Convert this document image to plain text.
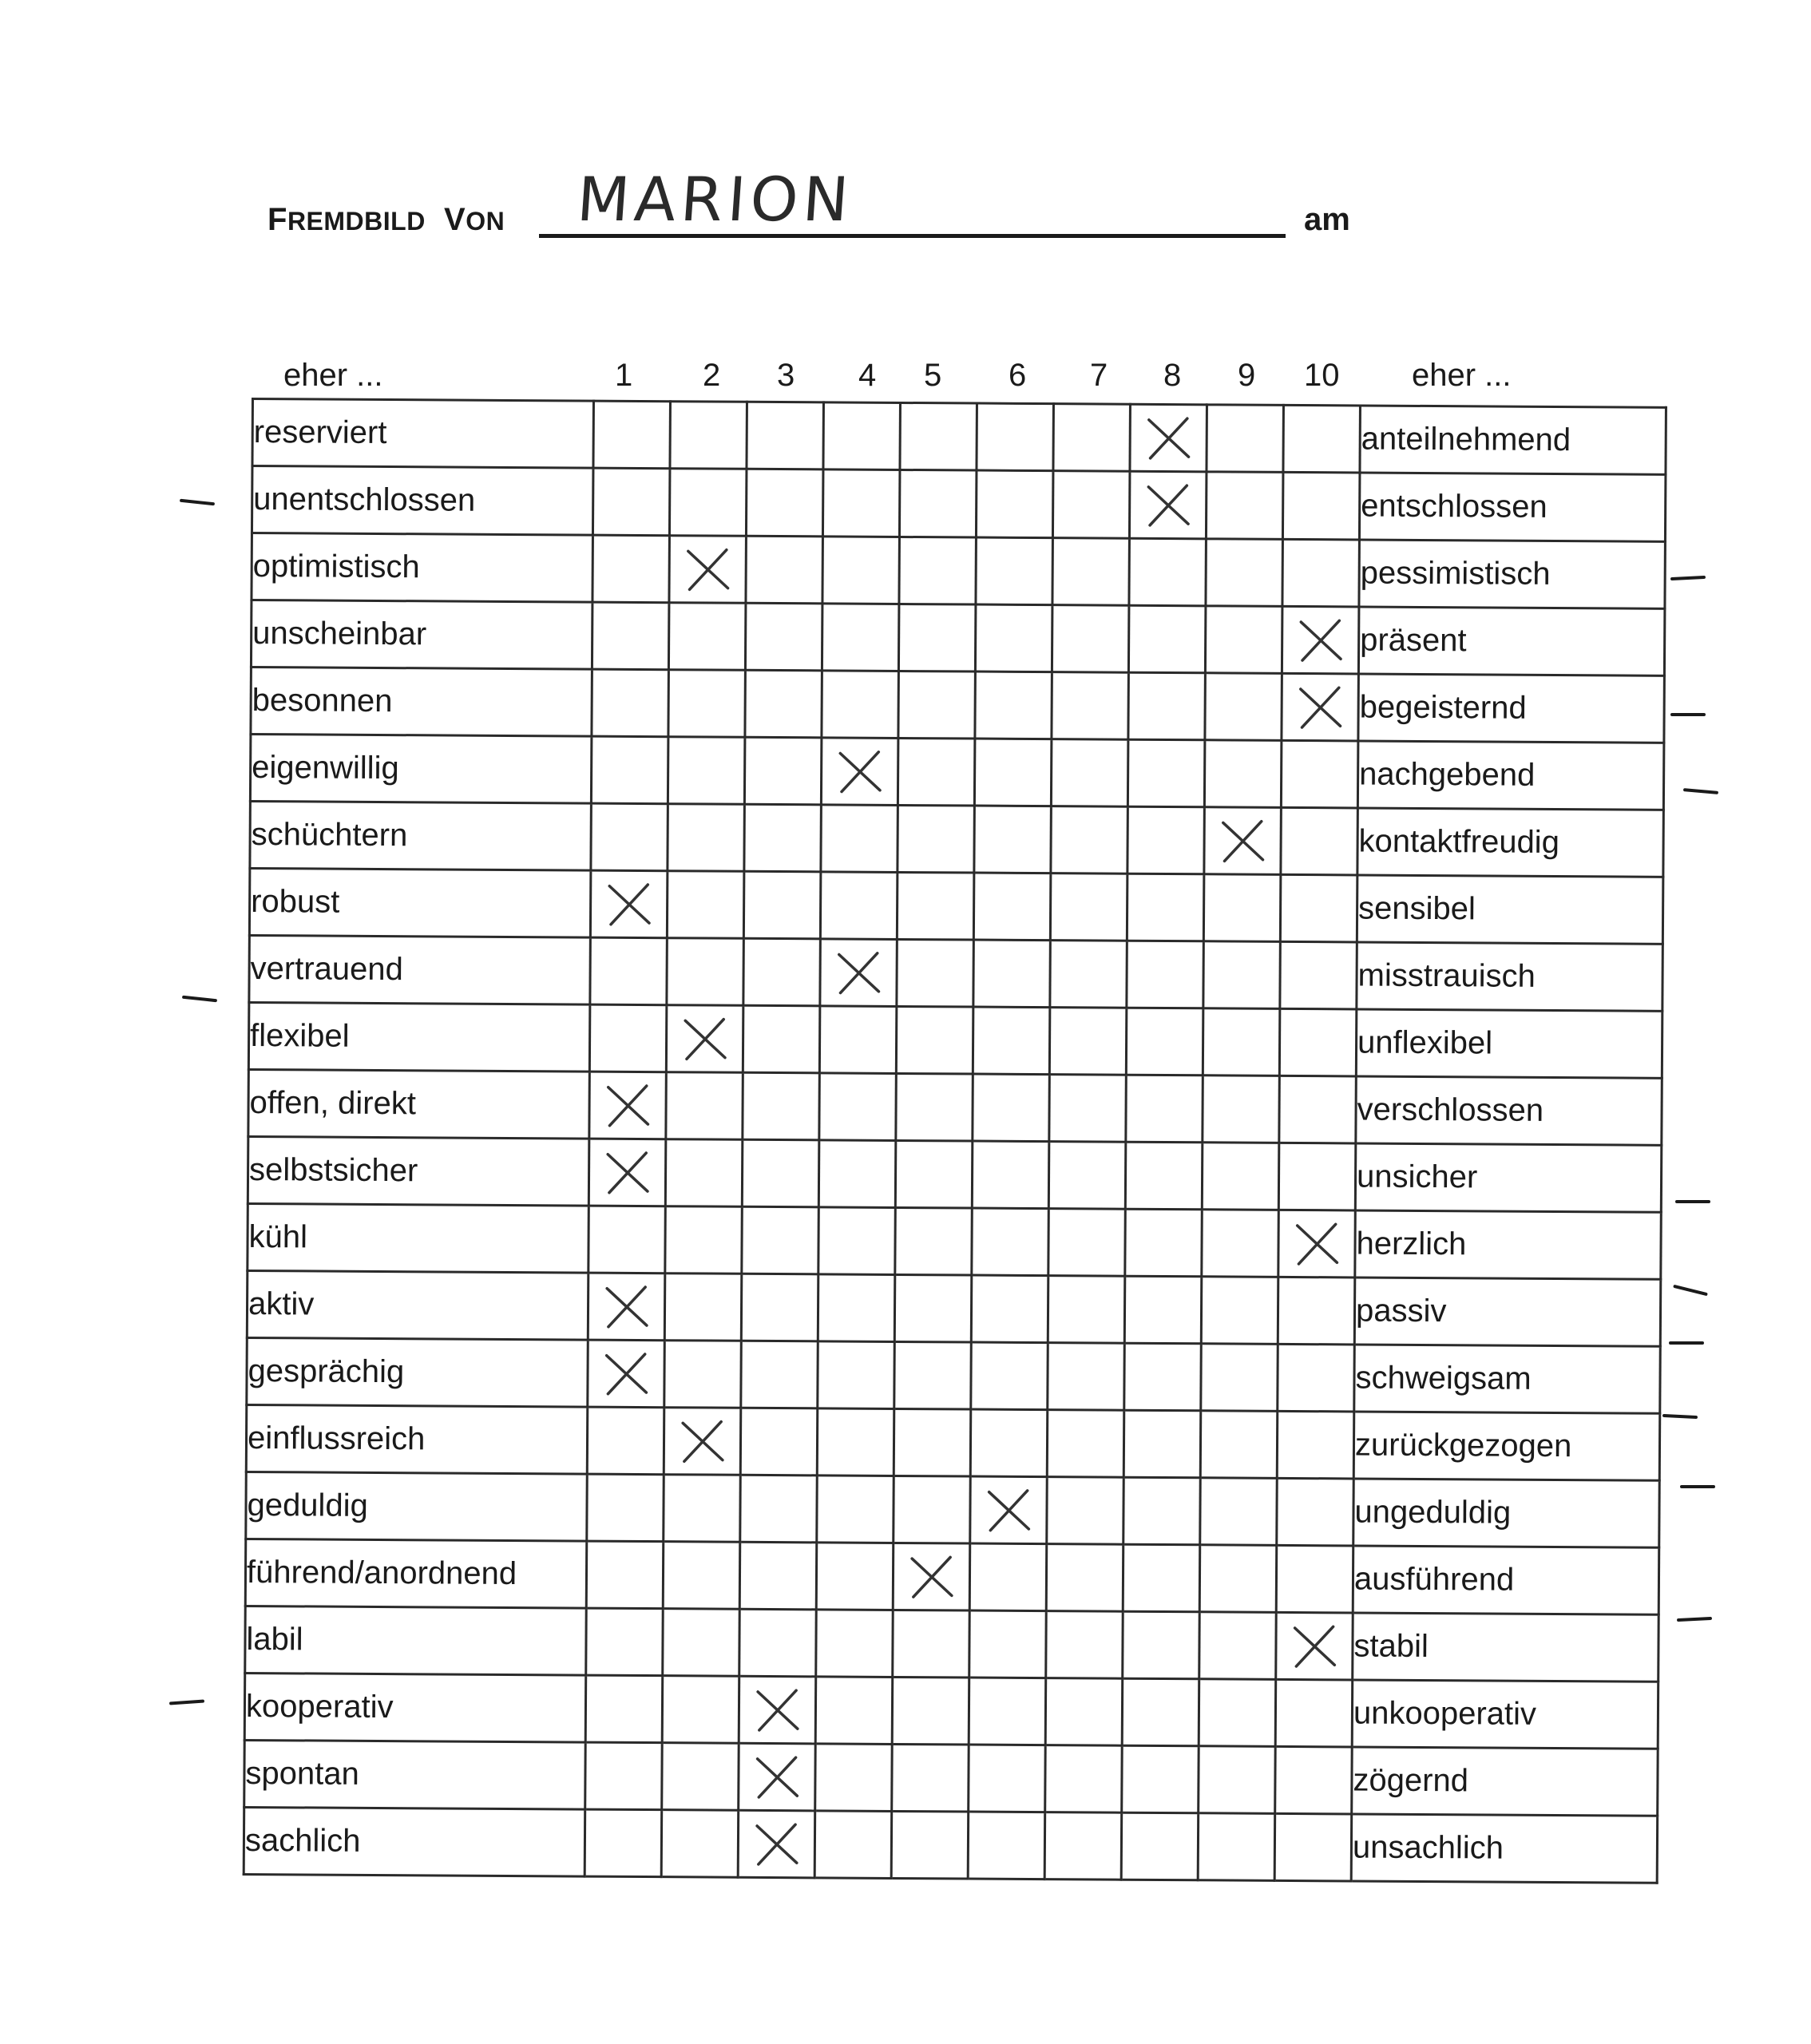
FREMDBILD VON MARION	am
eher ...	1 2 3 4 5 6 7 8 9 10 eher ...
reserviert											anteilnehmend
unentschlossen											entschlossen
optimistisch											pessimistisch
unscheinbar											präsent
besonnen											begeisternd
eigenwillig											nachgebend
schüchtern											kontaktfreudig
robust											sensibel
vertrauend											misstrauisch
flexibel											unflexibel
offen, direkt											verschlossen
selbstsicher											unsicher
kühl											herzlich
aktiv											passiv
gesprächig											schweigsam
einflussreich											zurückgezogen
geduldig											ungeduldig
führend/anordnend											ausführend
labil											stabil
kooperativ											unkooperativ
spontan											zögernd
sachlich											unsachlich
